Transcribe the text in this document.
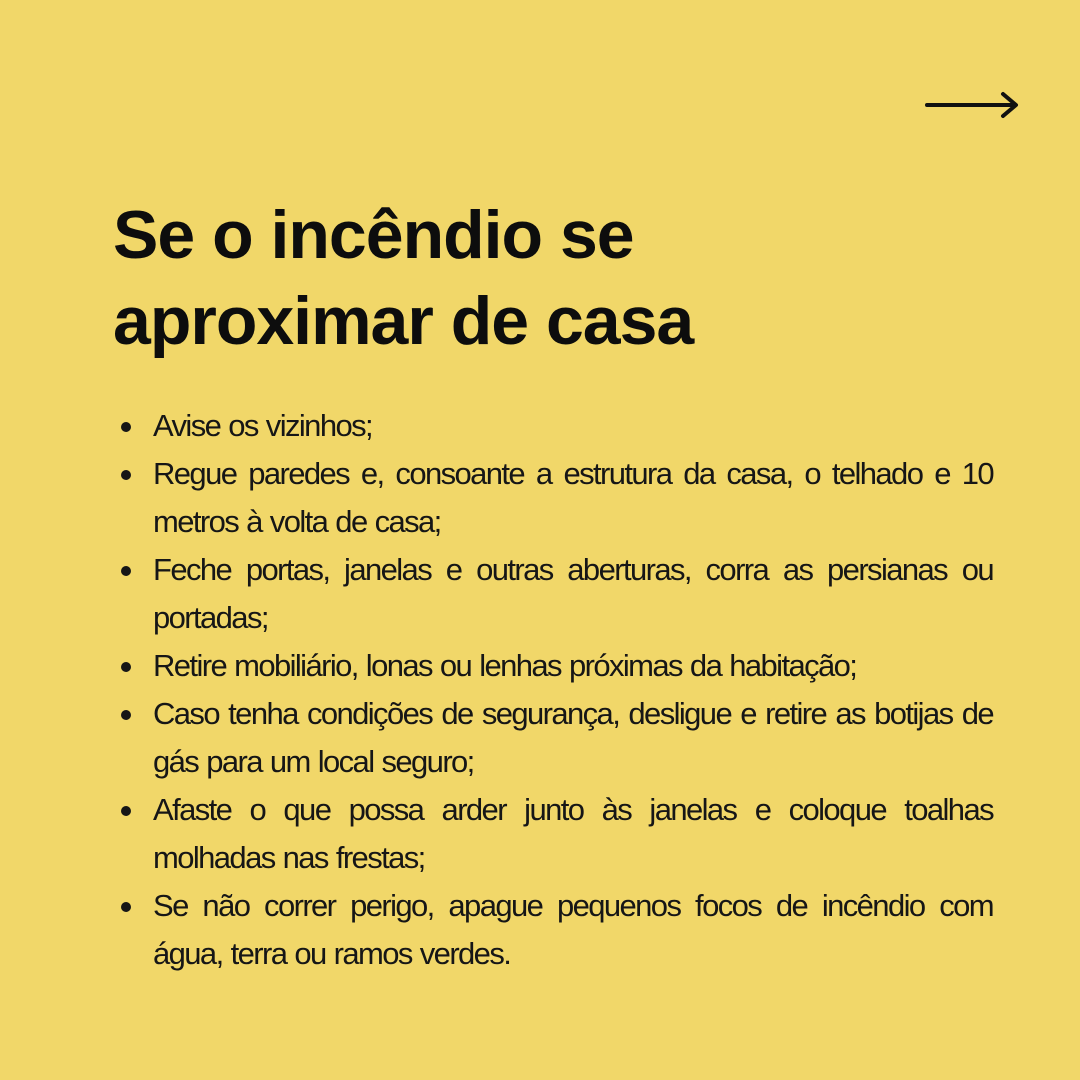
Se o incêndio se
aproximar de casa
Avise os vizinhos;
Regue paredes e, consoante a estrutura da casa, o telhado e 10 metros à volta de casa;
Feche portas, janelas e outras aberturas, corra as persianas ou portadas;
Retire mobiliário, lonas ou lenhas próximas da habitação;
Caso tenha condições de segurança, desligue e retire as botijas de gás para um local seguro;
Afaste o que possa arder junto às janelas e coloque toalhas molhadas nas frestas;
Se não correr perigo, apague pequenos focos de incêndio com água, terra ou ramos verdes.
